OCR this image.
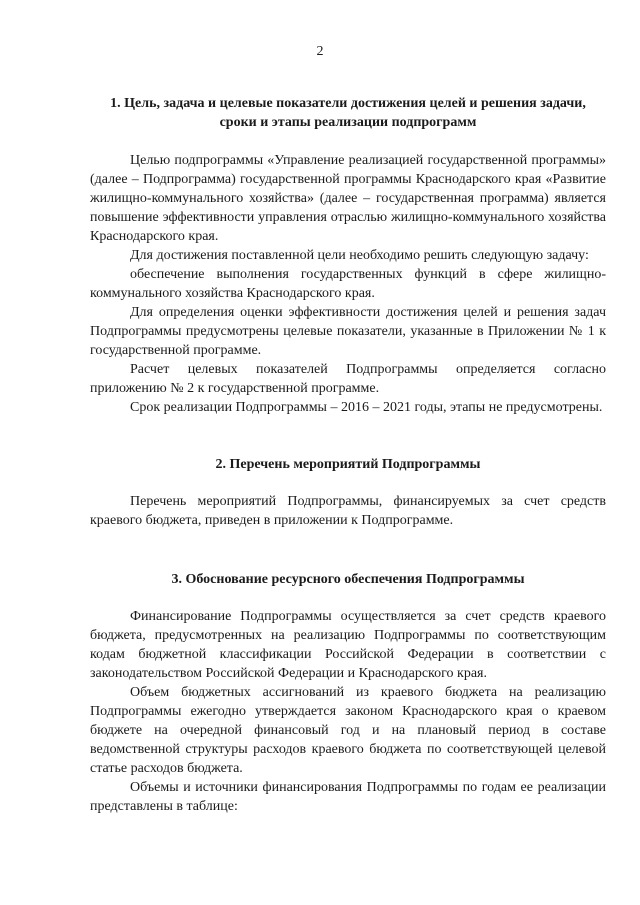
2
1. Цель, задача и целевые показатели достижения целей и решения задачи, сроки и этапы реализации подпрограмм

Целью подпрограммы «Управление реализацией государственной программы» (далее – Подпрограмма) государственной программы Краснодарского края «Развитие жилищно-коммунального хозяйства» (далее – государственная программа) является повышение эффективности управления отраслью жилищно-коммунального хозяйства Краснодарского края.

Для достижения поставленной цели необходимо решить следующую задачу:

обеспечение выполнения государственных функций в сфере жилищно-коммунального хозяйства Краснодарского края.

Для определения оценки эффективности достижения целей и решения задач Подпрограммы предусмотрены целевые показатели, указанные в Приложении № 1 к государственной программе.

Расчет целевых показателей Подпрограммы определяется согласно приложению № 2 к государственной программе.

Срок реализации Подпрограммы – 2016 – 2021 годы, этапы не предусмотрены.

2. Перечень мероприятий Подпрограммы

Перечень мероприятий Подпрограммы, финансируемых за счет средств краевого бюджета, приведен в приложении к Подпрограмме.

3. Обоснование ресурсного обеспечения Подпрограммы

Финансирование Подпрограммы осуществляется за счет средств краевого бюджета, предусмотренных на реализацию Подпрограммы по соответствующим кодам бюджетной классификации Российской Федерации в соответствии с законодательством Российской Федерации и Краснодарского края.

Объем бюджетных ассигнований из краевого бюджета на реализацию Подпрограммы ежегодно утверждается законом Краснодарского края о краевом бюджете на очередной финансовый год и на плановый период в составе ведомственной структуры расходов краевого бюджета по соответствующей целевой статье расходов бюджета.

Объемы и источники финансирования Подпрограммы по годам ее реализации представлены в таблице:
